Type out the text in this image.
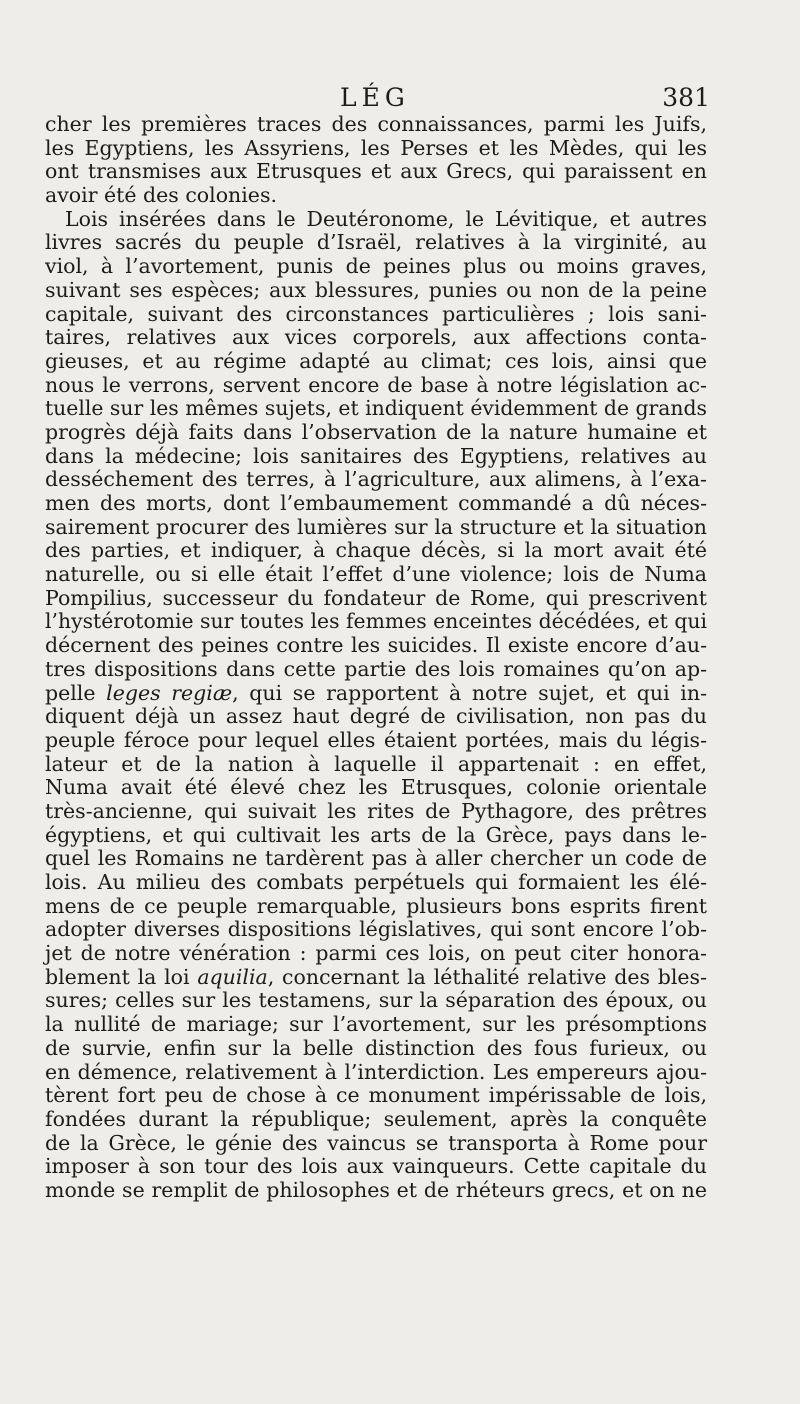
LÉG	381
cher les premières traces des connaissances, parmi les Juifs,
les Egyptiens, les Assyriens, les Perses et les Mèdes, qui les
ont transmises aux Etrusques et aux Grecs, qui paraissent en
avoir été des colonies.
Lois insérées dans le Deutéronome, le Lévitique, et autres
livres sacrés du peuple d’Israël, relatives à la virginité, au
viol, à l’avortement, punis de peines plus ou moins graves,
suivant ses espèces; aux blessures, punies ou non de la peine
capitale, suivant des circonstances particulières ; lois sani-
taires, relatives aux vices corporels, aux affections conta-
gieuses, et au régime adapté au climat; ces lois, ainsi que
nous le verrons, servent encore de base à notre législation ac-
tuelle sur les mêmes sujets, et indiquent évidemment de grands
progrès déjà faits dans l’observation de la nature humaine et
dans la médecine; lois sanitaires des Egyptiens, relatives au
desséchement des terres, à l’agriculture, aux alimens, à l’exa-
men des morts, dont l’embaumement commandé a dû néces-
sairement procurer des lumières sur la structure et la situation
des parties, et indiquer, à chaque décès, si la mort avait été
naturelle, ou si elle était l’effet d’une violence; lois de Numa
Pompilius, successeur du fondateur de Rome, qui prescrivent
l’hystérotomie sur toutes les femmes enceintes décédées, et qui
décernent des peines contre les suicides. Il existe encore d’au-
tres dispositions dans cette partie des lois romaines qu’on ap-
pelle leges regiæ, qui se rapportent à notre sujet, et qui in-
diquent déjà un assez haut degré de civilisation, non pas du
peuple féroce pour lequel elles étaient portées, mais du légis-
lateur et de la nation à laquelle il appartenait : en effet,
Numa avait été élevé chez les Etrusques, colonie orientale
très-ancienne, qui suivait les rites de Pythagore, des prêtres
égyptiens, et qui cultivait les arts de la Grèce, pays dans le-
quel les Romains ne tardèrent pas à aller chercher un code de
lois. Au milieu des combats perpétuels qui formaient les élé-
mens de ce peuple remarquable, plusieurs bons esprits firent
adopter diverses dispositions législatives, qui sont encore l’ob-
jet de notre vénération : parmi ces lois, on peut citer honora-
blement la loi aquilia, concernant la léthalité relative des bles-
sures; celles sur les testamens, sur la séparation des époux, ou
la nullité de mariage; sur l’avortement, sur les présomptions
de survie, enfin sur la belle distinction des fous furieux, ou
en démence, relativement à l’interdiction. Les empereurs ajou-
tèrent fort peu de chose à ce monument impérissable de lois,
fondées durant la république; seulement, après la conquête
de la Grèce, le génie des vaincus se transporta à Rome pour
imposer à son tour des lois aux vainqueurs. Cette capitale du
monde se remplit de philosophes et de rhéteurs grecs, et on ne
